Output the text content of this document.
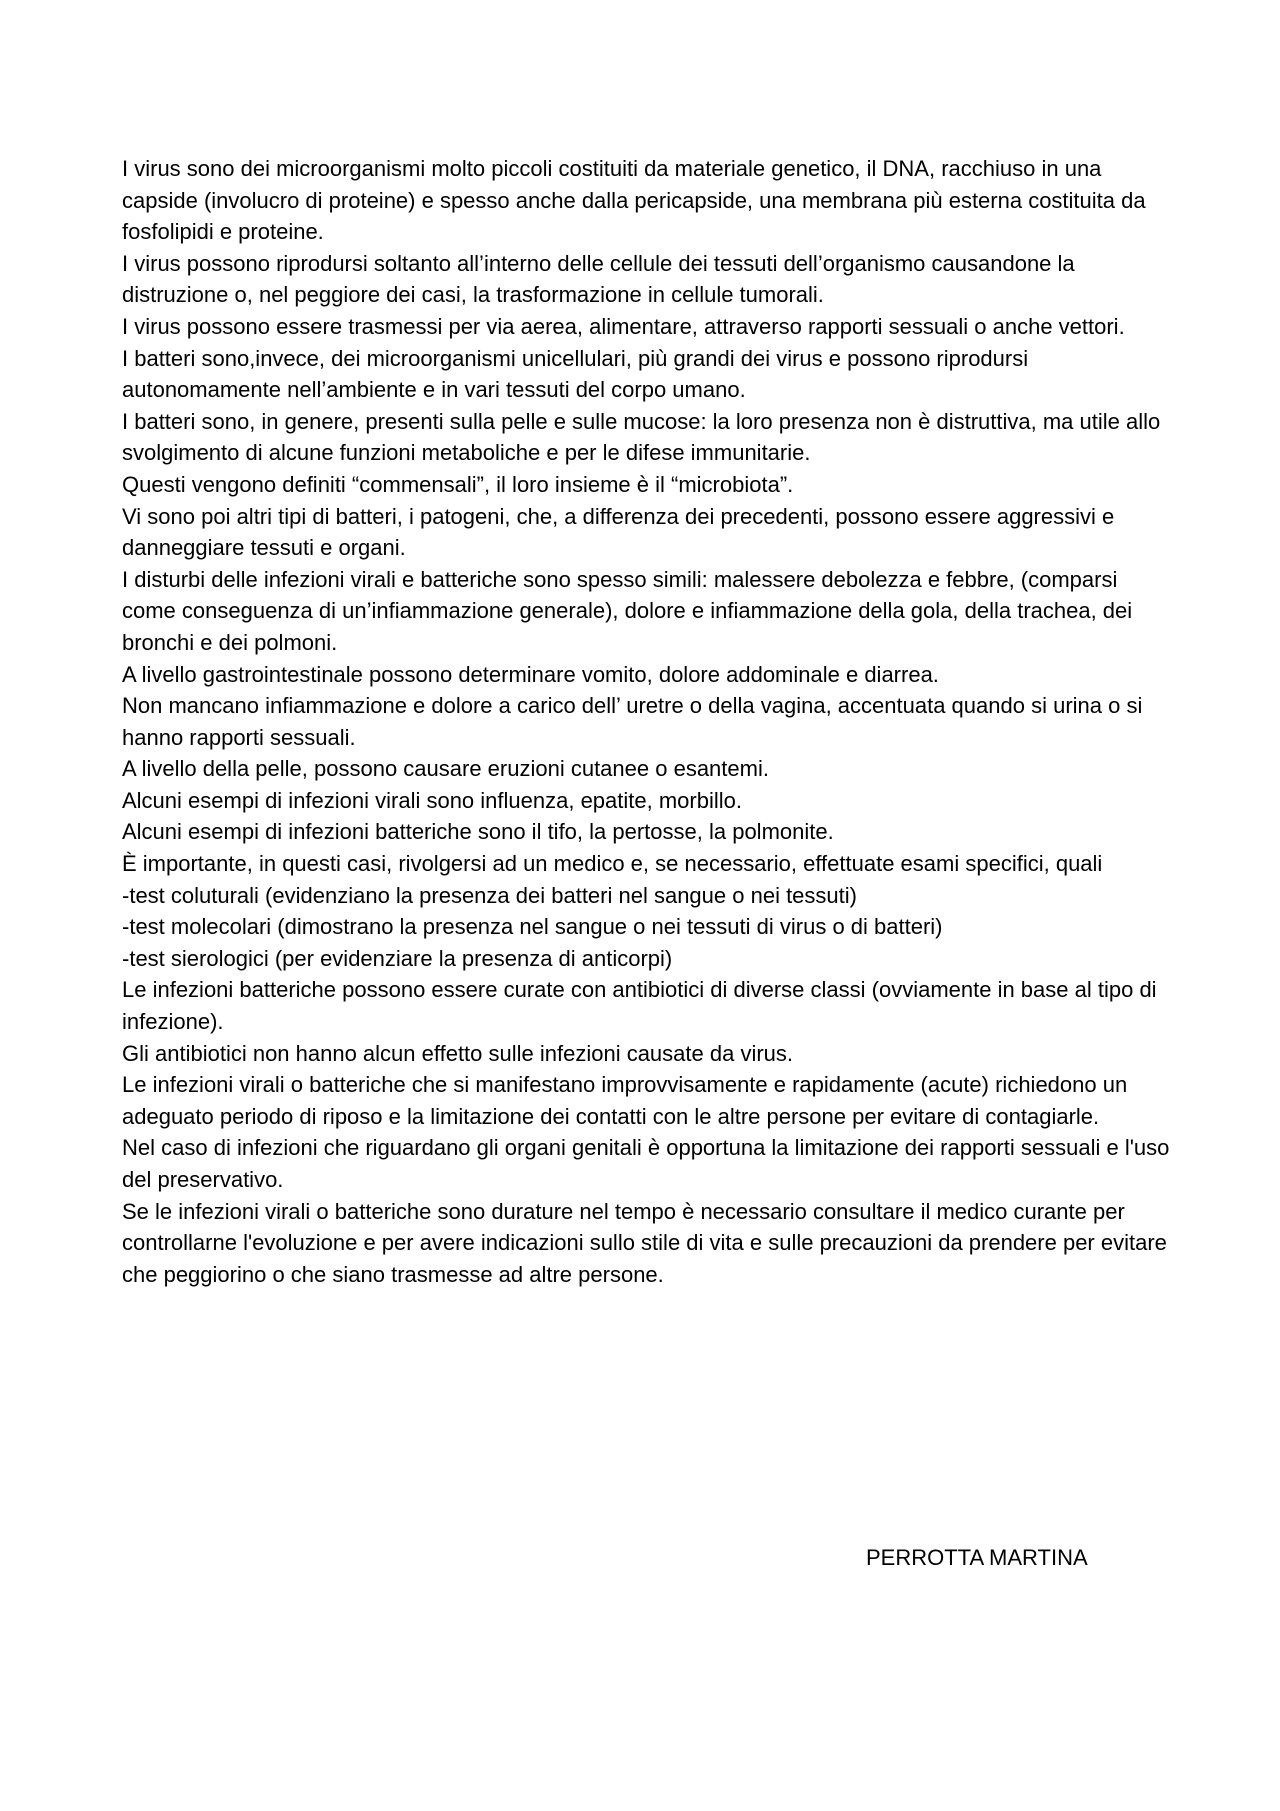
I virus sono dei microorganismi molto piccoli costituiti da materiale genetico, il DNA, racchiuso in una capside (involucro di proteine) e spesso anche dalla pericapside, una membrana più esterna costituita da fosfolipidi e proteine.

I virus possono riprodursi soltanto all’interno delle cellule dei tessuti dell’organismo causandone la distruzione o, nel peggiore dei casi, la trasformazione in cellule tumorali.

I virus possono essere trasmessi per via aerea, alimentare, attraverso rapporti sessuali o anche vettori.

I batteri sono,invece, dei microorganismi unicellulari, più grandi dei virus e possono riprodursi autonomamente nell’ambiente e in vari tessuti del corpo umano.

I batteri sono, in genere, presenti sulla pelle e sulle mucose: la loro presenza non è distruttiva, ma utile allo svolgimento di alcune funzioni metaboliche e per le difese immunitarie.

Questi vengono definiti “commensali”, il loro insieme è il “microbiota”.

Vi sono poi altri tipi di batteri, i patogeni, che, a differenza dei precedenti, possono essere aggressivi e danneggiare tessuti e organi.

I disturbi delle infezioni virali e batteriche sono spesso simili: malessere debolezza e febbre, (comparsi come conseguenza di un’infiammazione generale), dolore e infiammazione della gola, della trachea, dei bronchi e dei polmoni.

A livello gastrointestinale possono determinare vomito, dolore addominale e diarrea.

Non mancano infiammazione e dolore a carico dell’ uretre o della vagina, accentuata quando si urina o si hanno rapporti sessuali.

A livello della pelle, possono causare eruzioni cutanee o esantemi.

Alcuni esempi di infezioni virali sono influenza, epatite, morbillo.

Alcuni esempi di infezioni batteriche sono il tifo, la pertosse, la polmonite.

È importante, in questi casi, rivolgersi ad un medico e, se necessario, effettuate esami specifici, quali

-test coluturali (evidenziano la presenza dei batteri nel sangue o nei tessuti)

-test molecolari (dimostrano la presenza nel sangue o nei tessuti di virus o di batteri)

-test sierologici (per evidenziare la presenza di anticorpi)

Le infezioni batteriche possono essere curate con antibiotici di diverse classi (ovviamente in base al tipo di infezione).

Gli antibiotici non hanno alcun effetto sulle infezioni causate da virus.

Le infezioni virali o batteriche che si manifestano improvvisamente e rapidamente (acute) richiedono un adeguato periodo di riposo e la limitazione dei contatti con le altre persone per evitare di contagiarle.

Nel caso di infezioni che riguardano gli organi genitali è opportuna la limitazione dei rapporti sessuali e l'uso del preservativo.

Se le infezioni virali o batteriche sono durature nel tempo è necessario consultare il medico curante per controllarne l'evoluzione e per avere indicazioni sullo stile di vita e sulle precauzioni da prendere per evitare che peggiorino o che siano trasmesse ad altre persone.

PERROTTA MARTINA
